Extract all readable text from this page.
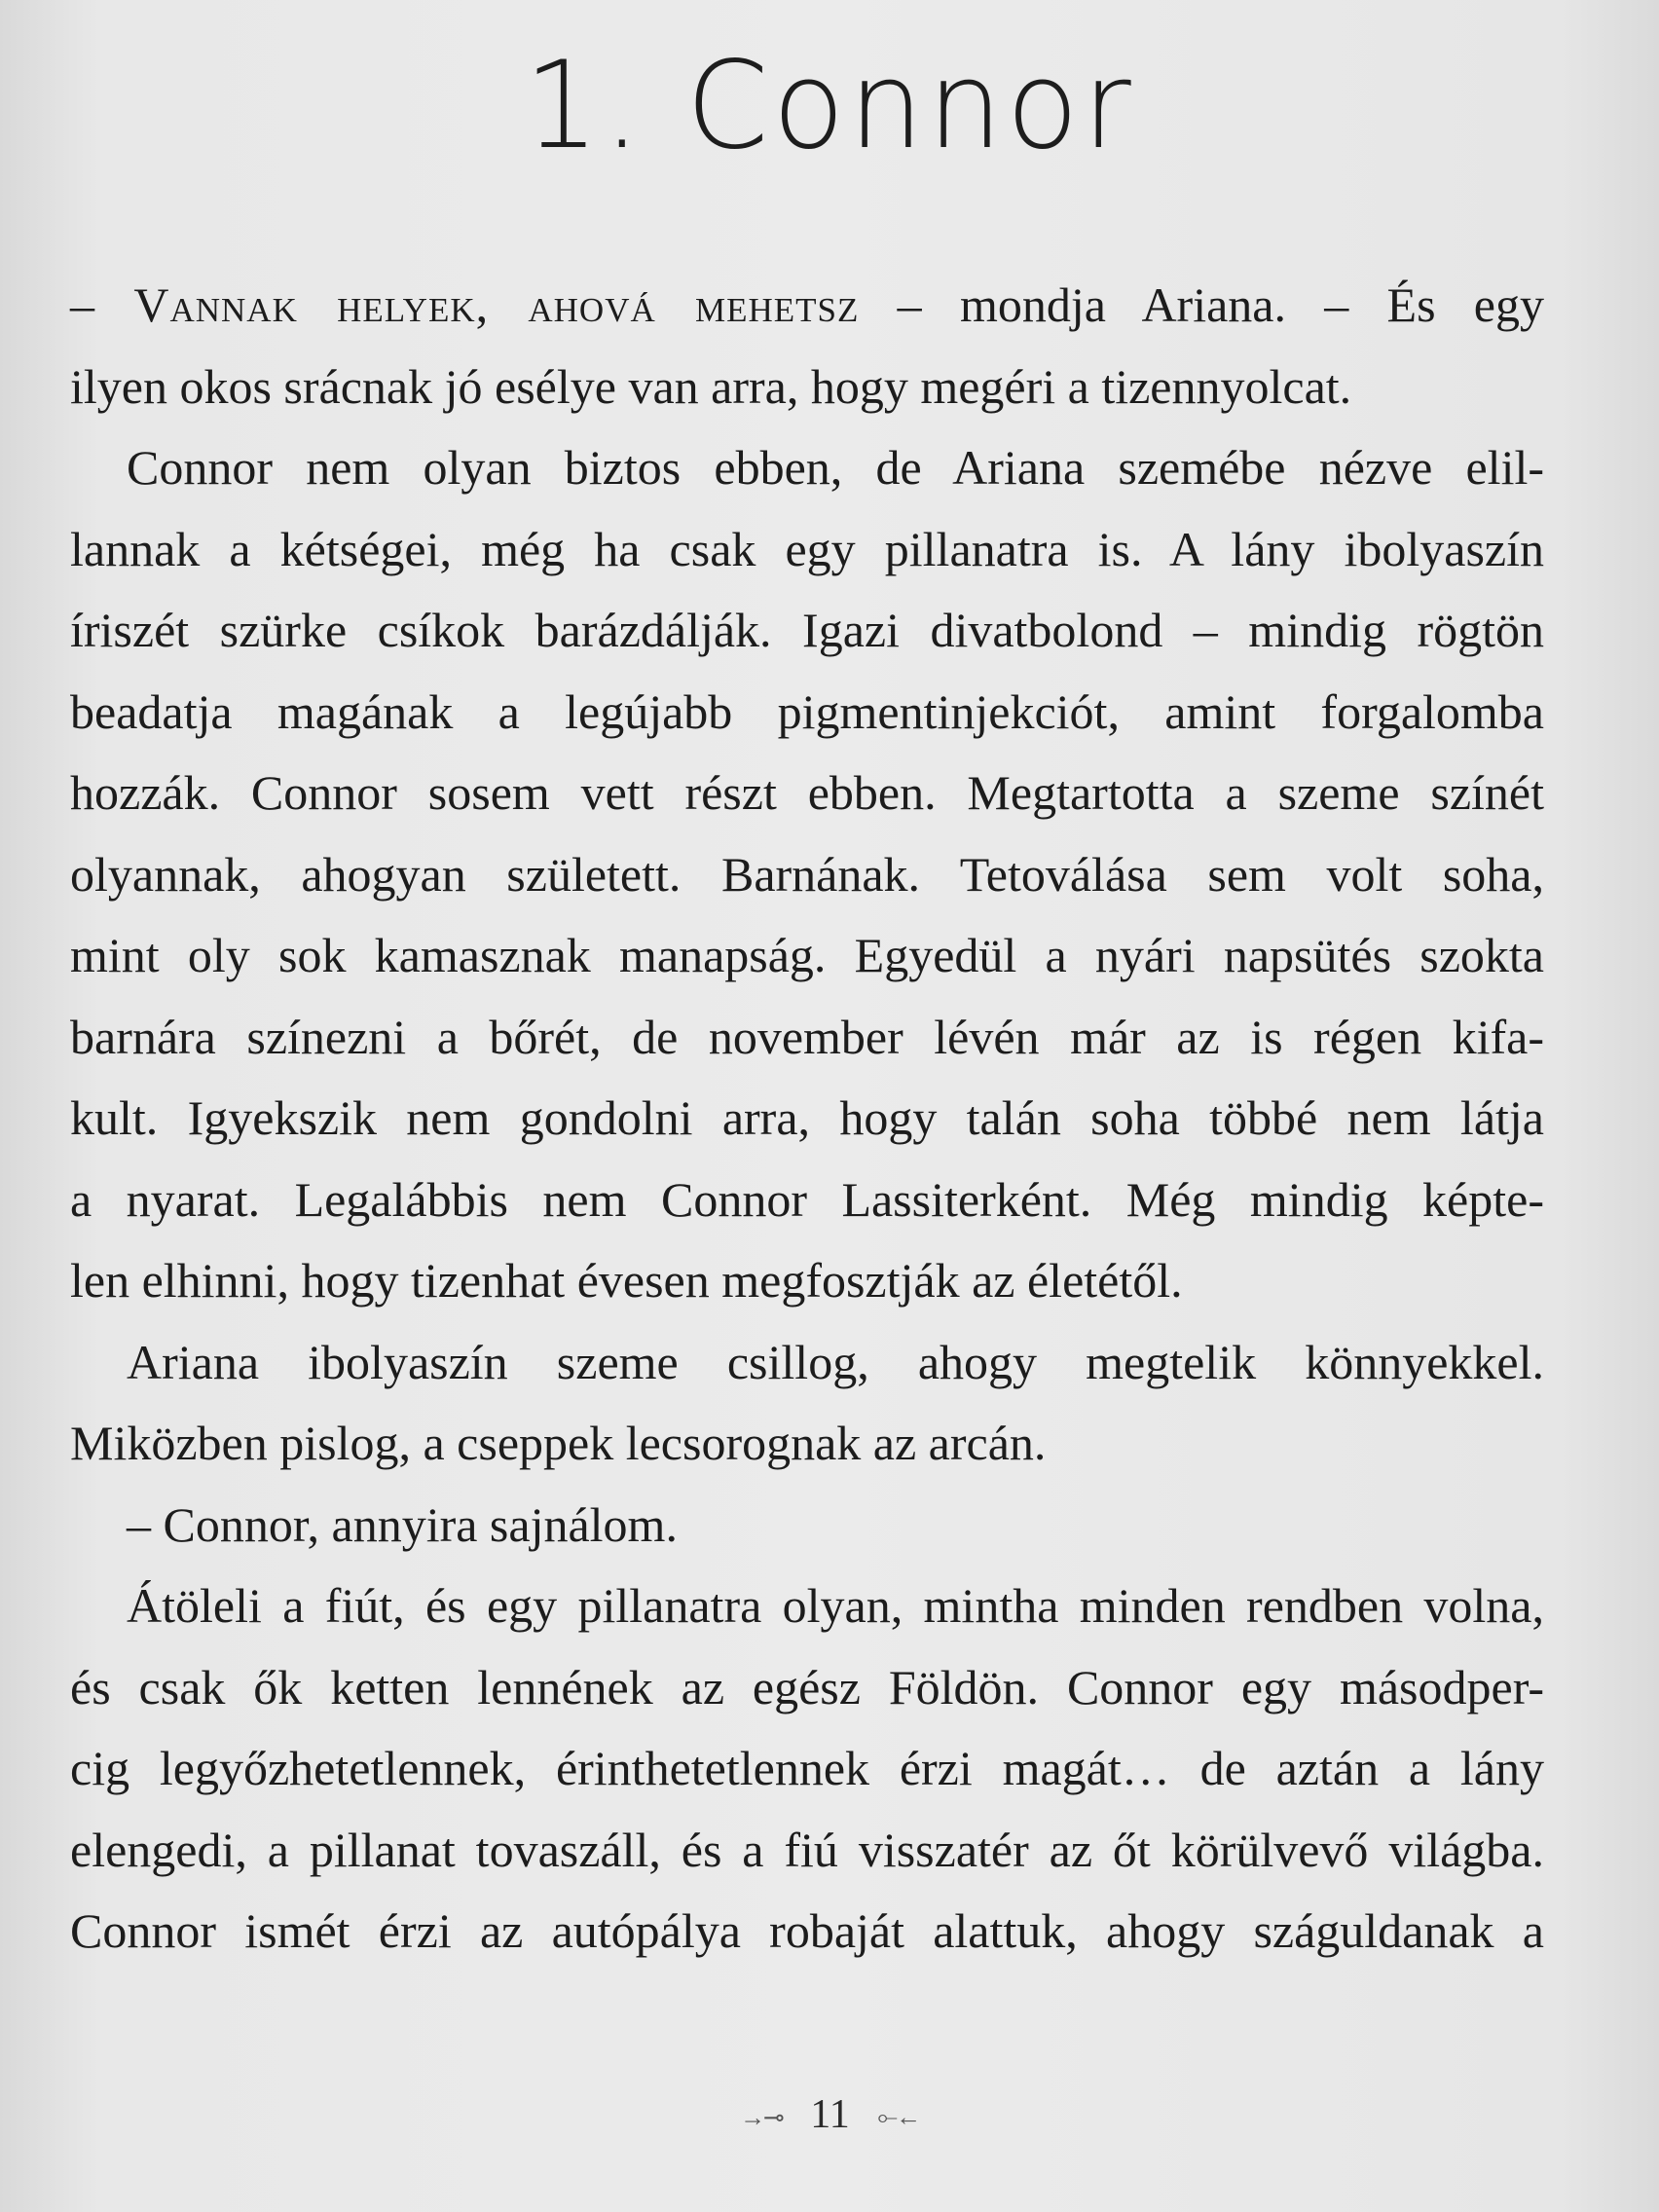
1. Connor
– Vannak helyek, ahová mehetsz – mondja Ariana. – És egy
ilyen okos srácnak jó esélye van arra, hogy megéri a tizennyolcat.
Connor nem olyan biztos ebben, de Ariana szemébe nézve elil-
lannak a kétségei, még ha csak egy pillanatra is. A lány ibolyaszín
íriszét szürke csíkok barázdálják. Igazi divatbolond – mindig rögtön
beadatja magának a legújabb pigmentinjekciót, amint forgalomba
hozzák. Connor sosem vett részt ebben. Megtartotta a szeme színét
olyannak, ahogyan született. Barnának. Tetoválása sem volt soha,
mint oly sok kamasznak manapság. Egyedül a nyári napsütés szokta
barnára színezni a bőrét, de november lévén már az is régen kifa-
kult. Igyekszik nem gondolni arra, hogy talán soha többé nem látja
a nyarat. Legalábbis nem Connor Lassiterként. Még mindig képte-
len elhinni, hogy tizenhat évesen megfosztják az életétől.
Ariana ibolyaszín szeme csillog, ahogy megtelik könnyekkel.
Miközben pislog, a cseppek lecsorognak az arcán.
– Connor, annyira sajnálom.
Átöleli a fiút, és egy pillanatra olyan, mintha minden rendben volna,
és csak ők ketten lennének az egész Földön. Connor egy másodper-
cig legyőzhetetlennek, érinthetetlennek érzi magát… de aztán a lány
elengedi, a pillanat tovaszáll, és a fiú visszatér az őt körülvevő világba.
Connor ismét érzi az autópálya robaját alattuk, ahogy száguldanak a
→⊸ 11 ⟜←
